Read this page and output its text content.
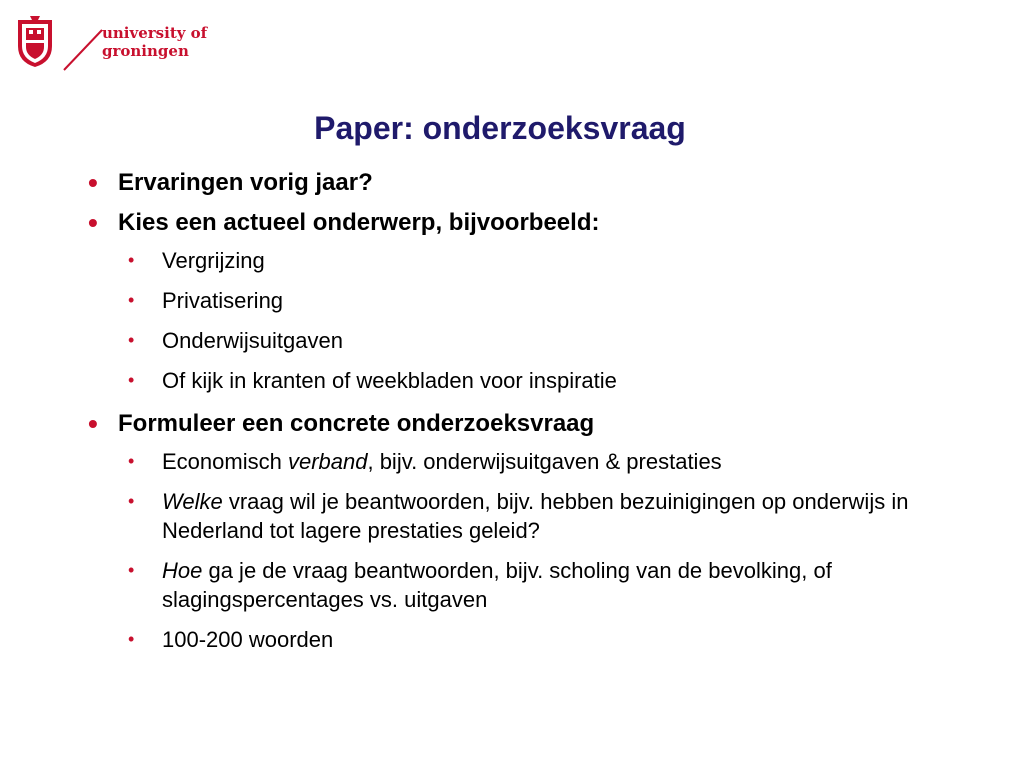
university of
groningen
Paper: onderzoeksvraag
• Ervaringen vorig jaar?
• Kies een actueel onderwerp, bijvoorbeeld:
• Vergrijzing
• Privatisering
• Onderwijsuitgaven
• Of kijk in kranten of weekbladen voor inspiratie
• Formuleer een concrete onderzoeksvraag
• Economisch verband, bijv. onderwijsuitgaven & prestaties
• Welke vraag wil je beantwoorden, bijv. hebben bezuinigingen op onderwijs in Nederland tot lagere prestaties geleid?
• Hoe ga je de vraag beantwoorden, bijv. scholing van de bevolking, of slagingspercentages vs. uitgaven
• 100-200 woorden
